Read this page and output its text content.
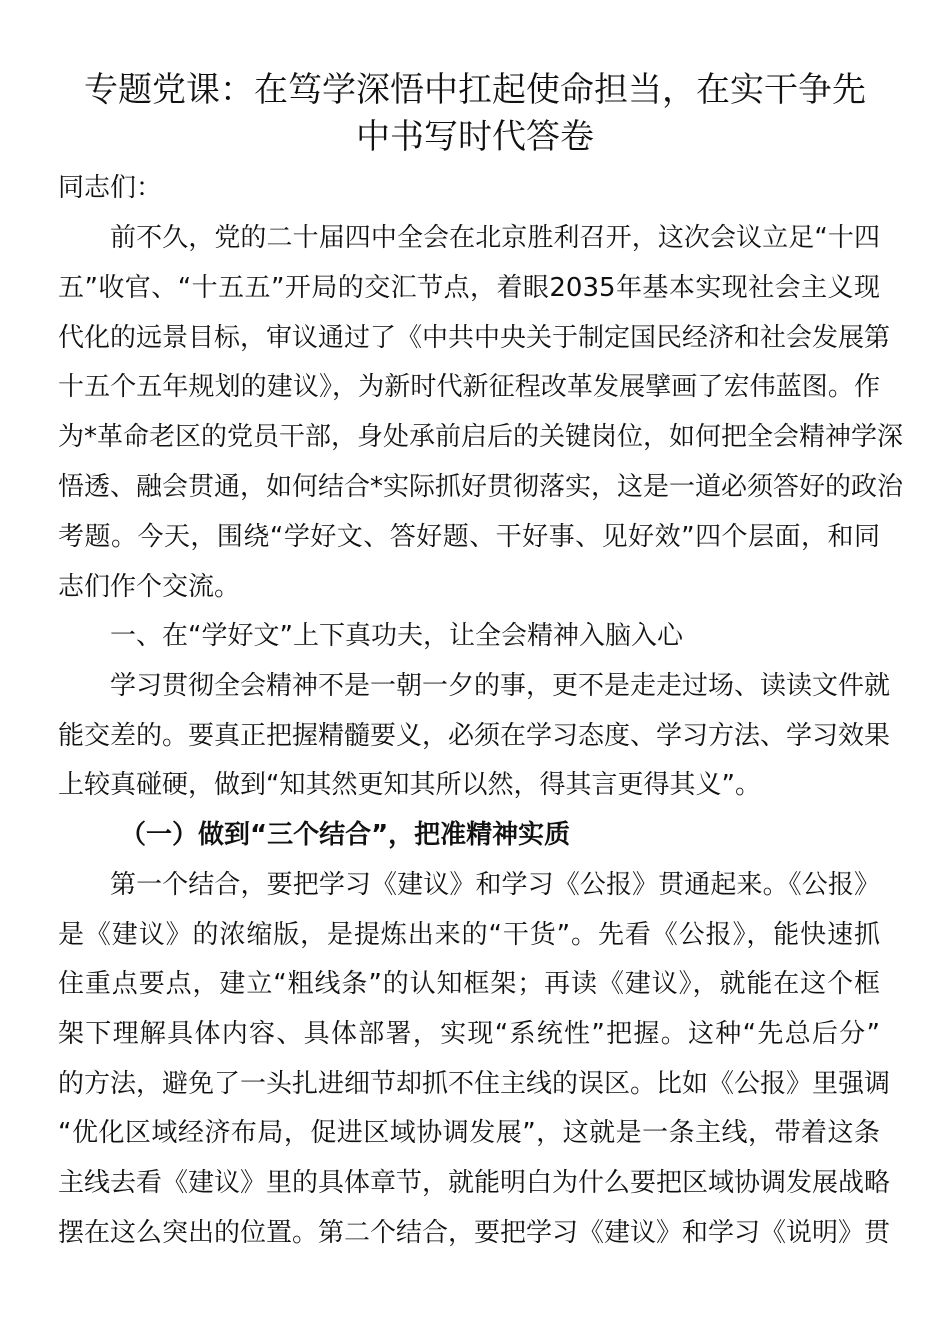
专题党课：在笃学深悟中扛起使命担当，在实干争先
中书写时代答卷
同志们：
前不久，党的二十届四中全会在北京胜利召开，这次会议立足“十四
五”收官、“十五五”开局的交汇节点，着眼2035年基本实现社会主义现
代化的远景目标，审议通过了《中共中央关于制定国民经济和社会发展第
十五个五年规划的建议》，为新时代新征程改革发展擘画了宏伟蓝图。作
为*革命老区的党员干部，身处承前启后的关键岗位，如何把全会精神学深
悟透、融会贯通，如何结合*实际抓好贯彻落实，这是一道必须答好的政治
考题。今天，围绕“学好文、答好题、干好事、见好效”四个层面，和同
志们作个交流。
一、在“学好文”上下真功夫，让全会精神入脑入心
学习贯彻全会精神不是一朝一夕的事，更不是走走过场、读读文件就
能交差的。要真正把握精髓要义，必须在学习态度、学习方法、学习效果
上较真碰硬，做到“知其然更知其所以然，得其言更得其义”。
（一）做到“三个结合”，把准精神实质
第一个结合，要把学习《建议》和学习《公报》贯通起来。《公报》
是《建议》的浓缩版，是提炼出来的“干货”。先看《公报》，能快速抓
住重点要点，建立“粗线条”的认知框架；再读《建议》，就能在这个框
架下理解具体内容、具体部署，实现“系统性”把握。这种“先总后分”
的方法，避免了一头扎进细节却抓不住主线的误区。比如《公报》里强调
“优化区域经济布局，促进区域协调发展”，这就是一条主线，带着这条
主线去看《建议》里的具体章节，就能明白为什么要把区域协调发展战略
摆在这么突出的位置。第二个结合，要把学习《建议》和学习《说明》贯
